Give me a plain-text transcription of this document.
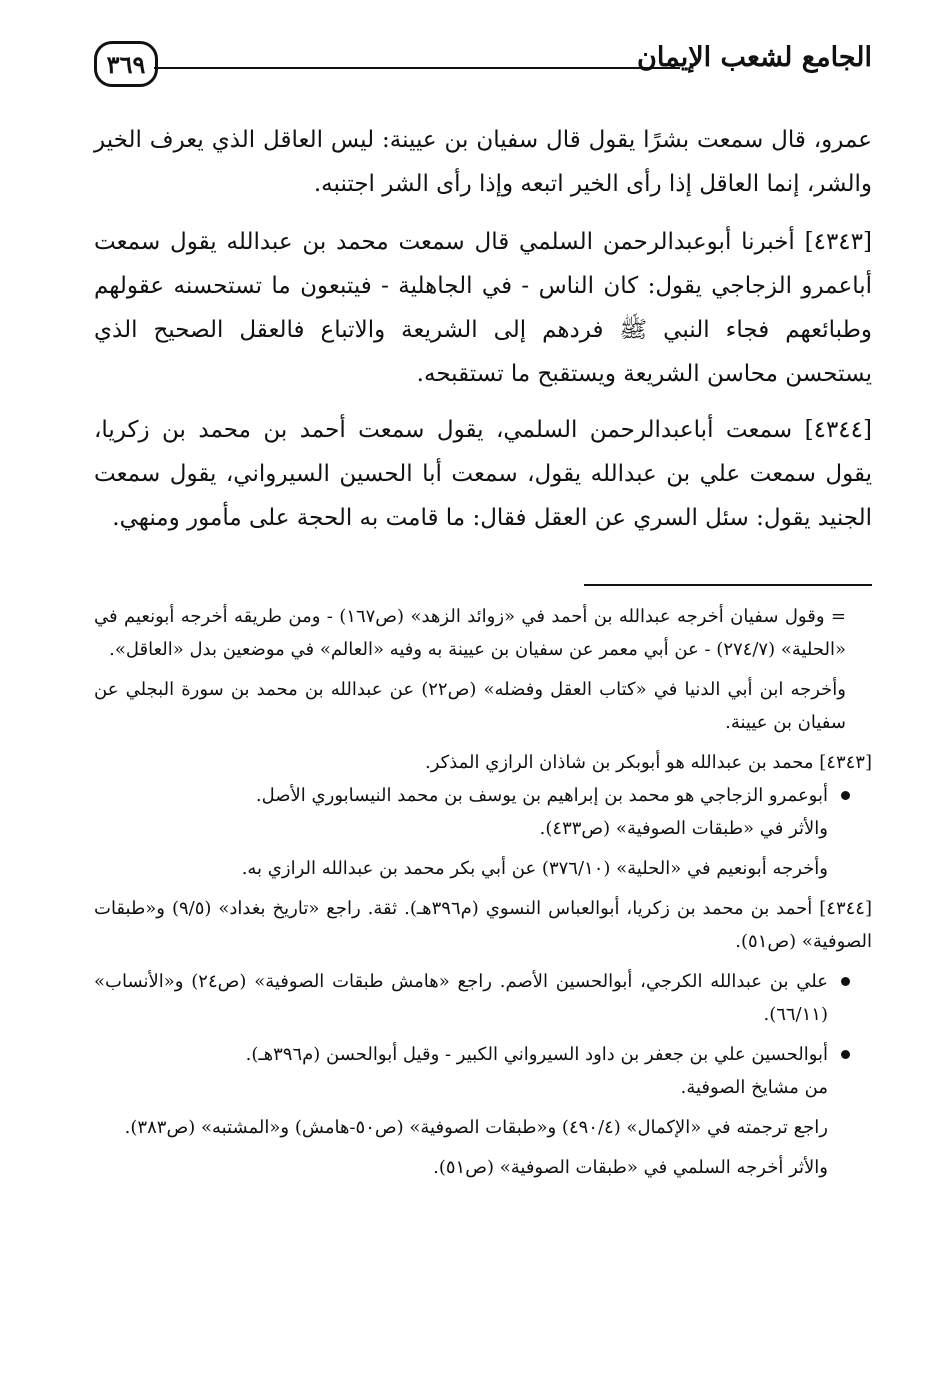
الجامع لشعب الإيمان
٣٦٩

عمرو، قال سمعت بشرًا يقول قال سفيان بن عيينة: ليس العاقل الذي يعرف الخير والشر، إنما العاقل إذا رأى الخير اتبعه وإذا رأى الشر اجتنبه.

[٤٣٤٣] أخبرنا أبوعبدالرحمن السلمي قال سمعت محمد بن عبدالله يقول سمعت أباعمرو الزجاجي يقول: كان الناس - في الجاهلية - فيتبعون ما تستحسنه عقولهم وطبائعهم فجاء النبي ﷺ فردهم إلى الشريعة والاتباع فالعقل الصحيح الذي يستحسن محاسن الشريعة ويستقبح ما تستقبحه.

[٤٣٤٤] سمعت أباعبدالرحمن السلمي، يقول سمعت أحمد بن محمد بن زكريا، يقول سمعت علي بن عبدالله يقول، سمعت أبا الحسين السيرواني، يقول سمعت الجنيد يقول: سئل السري عن العقل فقال: ما قامت به الحجة على مأمور ومنهي.

= وقول سفيان أخرجه عبدالله بن أحمد في «زوائد الزهد» (ص١٦٧) - ومن طريقه أخرجه أبونعيم في «الحلية» (٢٧٤/٧) - عن أبي معمر عن سفيان بن عيينة به وفيه «العالم» في موضعين بدل «العاقل».

وأخرجه ابن أبي الدنيا في «كتاب العقل وفضله» (ص٢٢) عن عبدالله بن محمد بن سورة البجلي عن سفيان بن عيينة.

[٤٣٤٣] محمد بن عبدالله هو أبوبكر بن شاذان الرازي المذكر.

أبوعمرو الزجاجي هو محمد بن إبراهيم بن يوسف بن محمد النيسابوري الأصل.

والأثر في «طبقات الصوفية» (ص٤٣٣).

وأخرجه أبونعيم في «الحلية» (٣٧٦/١٠) عن أبي بكر محمد بن عبدالله الرازي به.

[٤٣٤٤] أحمد بن محمد بن زكريا، أبوالعباس النسوي (م٣٩٦هـ). ثقة. راجع «تاريخ بغداد» (٩/٥) و«طبقات الصوفية» (ص٥١).

علي بن عبدالله الكرجي، أبوالحسين الأصم. راجع «هامش طبقات الصوفية» (ص٢٤) و«الأنساب» (٦٦/١١).

أبوالحسين علي بن جعفر بن داود السيرواني الكبير - وقيل أبوالحسن (م٣٩٦هـ).

من مشايخ الصوفية.

راجع ترجمته في «الإكمال» (٤٩٠/٤) و«طبقات الصوفية» (ص٥٠-هامش) و«المشتبه» (ص٣٨٣).

والأثر أخرجه السلمي في «طبقات الصوفية» (ص٥١).
